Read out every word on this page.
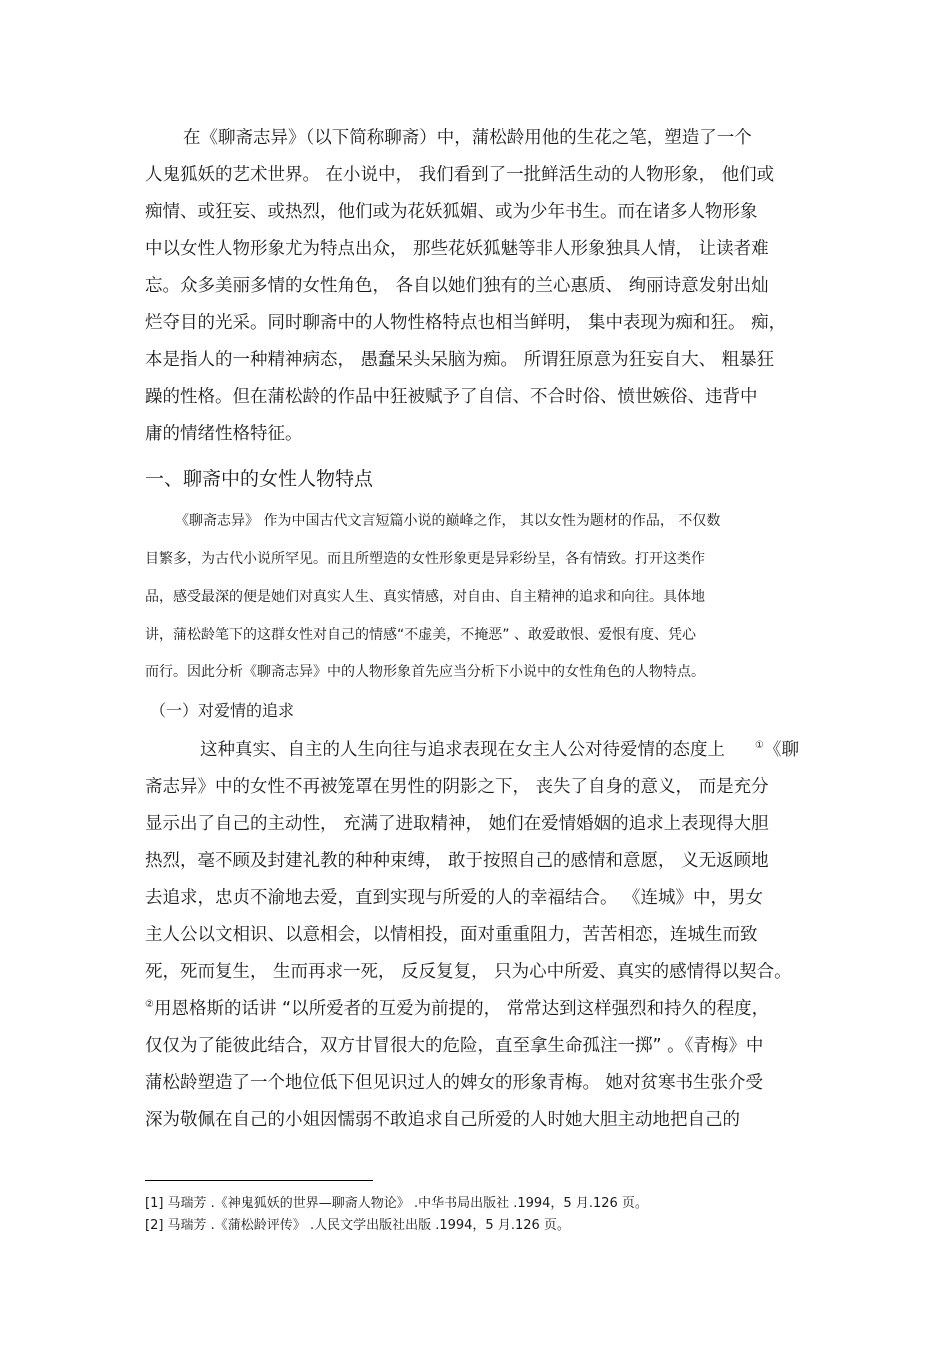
在《聊斋志异》（以下简称聊斋）中，蒲松龄用他的生花之笔，塑造了一个
人鬼狐妖的艺术世界。 在小说中， 我们看到了一批鲜活生动的人物形象， 他们或
痴情、或狂妄、或热烈，他们或为花妖狐媚、或为少年书生。而在诸多人物形象
中以女性人物形象尤为特点出众， 那些花妖狐魅等非人形象独具人情， 让读者难
忘。众多美丽多情的女性角色， 各自以她们独有的兰心惠质、 绚丽诗意发射出灿
烂夺目的光采。同时聊斋中的人物性格特点也相当鲜明， 集中表现为痴和狂。 痴，
本是指人的一种精神病态， 愚蠢呆头呆脑为痴。 所谓狂原意为狂妄自大、 粗暴狂
躁的性格。但在蒲松龄的作品中狂被赋予了自信、不合时俗、愤世嫉俗、违背中
庸的情绪性格特征。
一、聊斋中的女性人物特点
《聊斋志异》 作为中国古代文言短篇小说的巅峰之作， 其以女性为题材的作品， 不仅数
目繁多，为古代小说所罕见。而且所塑造的女性形象更是异彩纷呈，各有情致。打开这类作
品，感受最深的便是她们对真实人生、真实情感，对自由、自主精神的追求和向往。具体地
讲，蒲松龄笔下的这群女性对自己的情感“不虚美，不掩恶” 、敢爱敢恨、爱恨有度、凭心
而行。因此分析《聊斋志异》中的人物形象首先应当分析下小说中的女性角色的人物特点。
（一）对爱情的追求
这种真实、自主的人生向往与追求表现在女主人公对待爱情的态度上	①《聊
斋志异》中的女性不再被笼罩在男性的阴影之下， 丧失了自身的意义， 而是充分
显示出了自己的主动性， 充满了进取精神， 她们在爱情婚姻的追求上表现得大胆
热烈，毫不顾及封建礼教的种种束缚， 敢于按照自己的感情和意愿， 义无返顾地
去追求，忠贞不渝地去爱，直到实现与所爱的人的幸福结合。 《连城》中，男女
主人公以文相识、以意相会，以情相投，面对重重阻力，苦苦相恋，连城生而致
死，死而复生， 生而再求一死， 反反复复， 只为心中所爱、真实的感情得以契合。
②用恩格斯的话讲 “以所爱者的互爱为前提的， 常常达到这样强烈和持久的程度，
仅仅为了能彼此结合，双方甘冒很大的危险，直至拿生命孤注一掷” 。《青梅》中
蒲松龄塑造了一个地位低下但见识过人的婢女的形象青梅。 她对贫寒书生张介受
深为敬佩在自己的小姐因懦弱不敢追求自己所爱的人时她大胆主动地把自己的
[1] 马瑞芳 .《神鬼狐妖的世界—聊斋人物论》 .中华书局出版社 .1994，5 月.126 页。
[2] 马瑞芳 .《蒲松龄评传》 .人民文学出版社出版 .1994，5 月.126 页。
